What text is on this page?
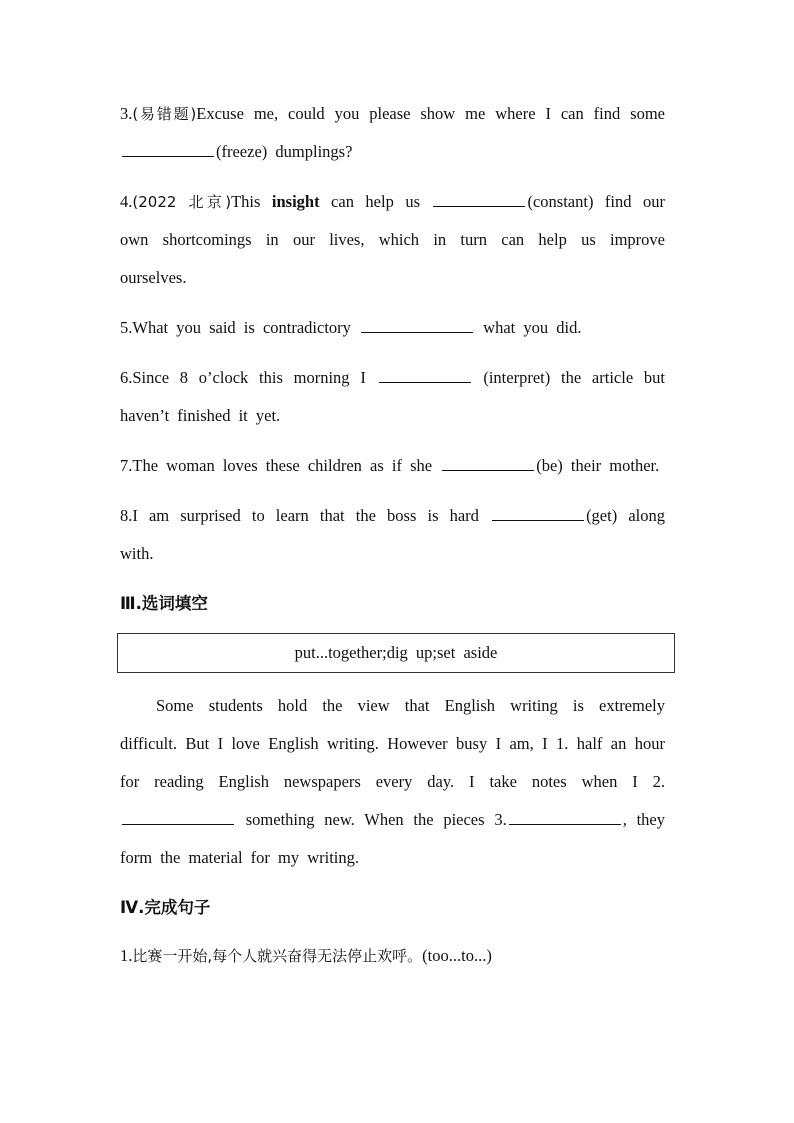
3.(易错题)Excuse me, could you please show me where I can find some (freeze) dumplings?

4.(2022 北京)This insight can help us	(constant) find our own shortcomings in our lives, which in turn can help us improve ourselves.

5.What you said is contradictory	what you did.

6.Since 8 o’clock this morning I	(interpret) the article but haven’t finished it yet.

7.The woman loves these children as if she	(be) their mother.

8.I am surprised to learn that the boss is hard	(get) along with.

Ⅲ.选词填空
put...together;dig up;set aside

Some students hold the view that English writing is extremely difficult. But I love English writing. However busy I am, I 1. half an hour for reading English newspapers every day. I take notes when I 2. something new. When the pieces 3.	, they form the material for my writing.

Ⅳ.完成句子

1.比赛一开始,每个人就兴奋得无法停止欢呼。(too...to...)
